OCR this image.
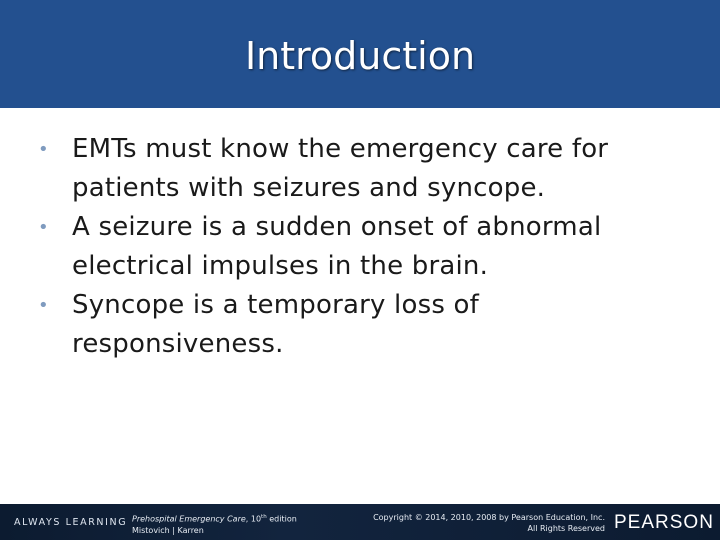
Introduction
• EMTs must know the emergency care for patients with seizures and syncope.
• A seizure is a sudden onset of abnormal electrical impulses in the brain.
• Syncope is a temporary loss of responsiveness.
ALWAYS LEARNING Prehospital Emergency Care, 10th edition
Mistovich | Karren
Copyright © 2014, 2010, 2008 by Pearson Education, Inc.
All Rights Reserved PEARSON
